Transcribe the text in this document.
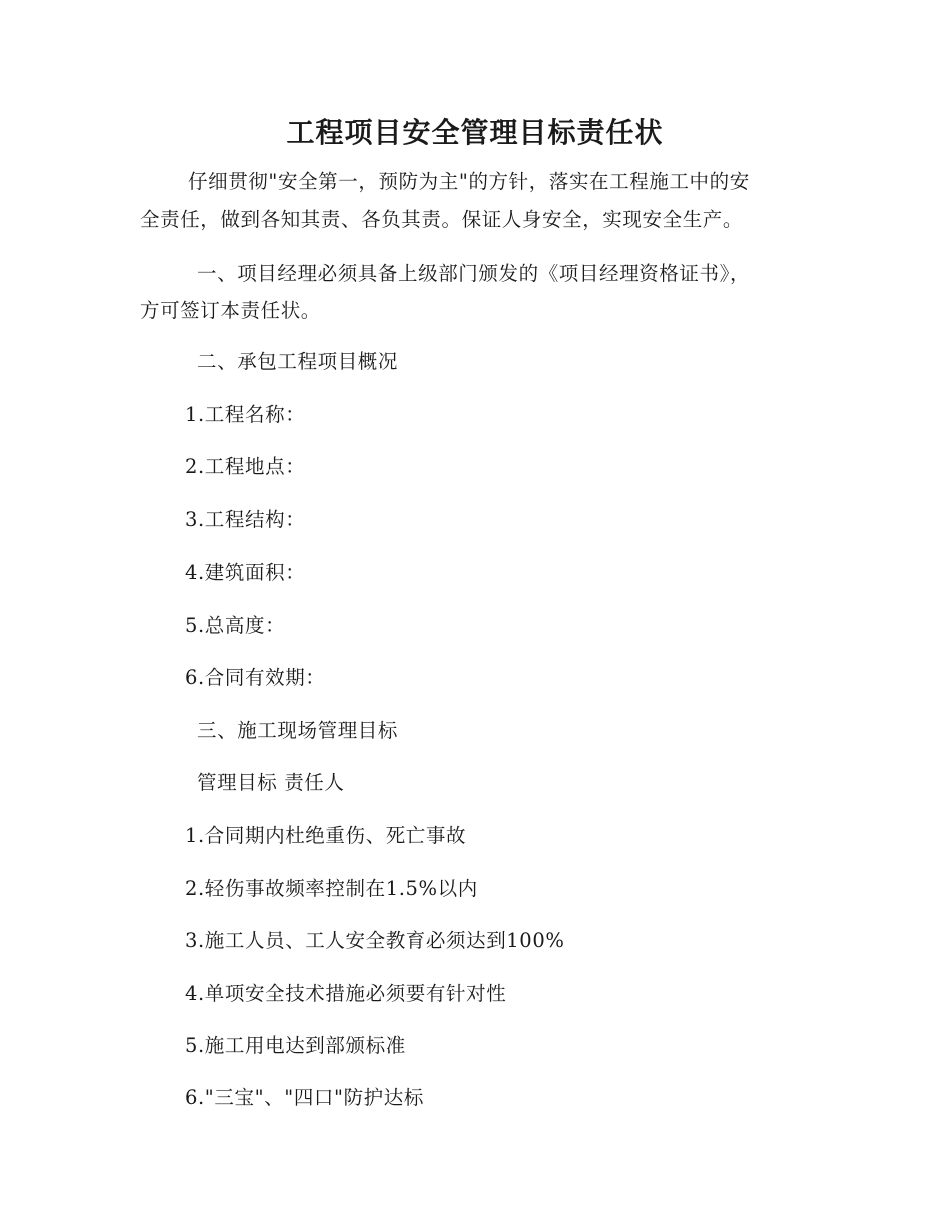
工程项目安全管理目标责任状

仔细贯彻"安全第一，预防为主"的方针，落实在工程施工中的安

全责任，做到各知其责、各负其责。保证人身安全，实现安全生产。

一、项目经理必须具备上级部门颁发的《项目经理资格证书》，

方可签订本责任状。

二、承包工程项目概况

1.工程名称：

2.工程地点：

3.工程结构：

4.建筑面积：

5.总高度：

6.合同有效期：

三、施工现场管理目标

管理目标 责任人

1.合同期内杜绝重伤、死亡事故

2.轻伤事故频率控制在1.5%以内

3.施工人员、工人安全教育必须达到100%

4.单项安全技术措施必须要有针对性

5.施工用电达到部颁标准

6."三宝"、"四口"防护达标
